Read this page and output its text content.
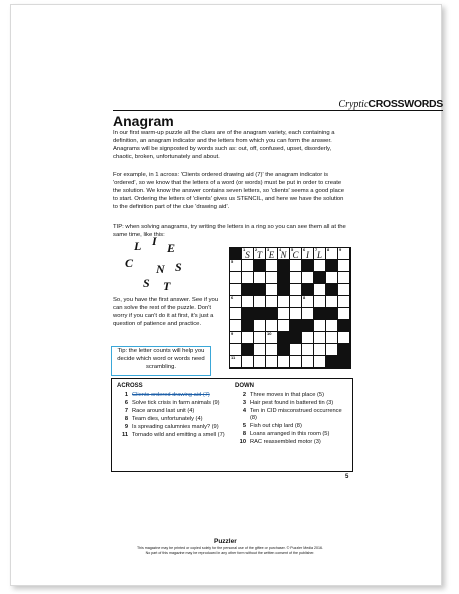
CrypticCROSSWORDS
Anagram

In our first warm-up puzzle all the clues are of the anagram variety, each containing a definition, an anagram indicator and the letters from which you can form the answer. Anagrams will be signposted by words such as: out, off, confused, upset, disorderly, chaotic, broken, unfortunately and about.

For example, in 1 across: 'Clients ordered drawing aid (7)' the anagram indicator is 'ordered', so we know that the letters of a word (or words) must be put in order to create the solution. We know the answer contains seven letters, so 'clients' seems a good place to start. Ordering the letters of 'clients' gives us STENCIL, and here we have the solution to the definition part of the clue 'drawing aid'.

TIP: when solving anagrams, try writing the letters in a ring so you can see them all at the same time, like this:

L I E
C N S
S T

So, you have the first answer. See if you can solve the rest of the puzzle. Don't worry if you can't do it at first, it's just a question of patience and practice.

Tip: the letter counts will help you decide which word or words need scrambling.
1
S
2
T
3
E
4
N
5
C
6
I
7
L
8 9
5
6	8
9	10
11
ACROSS
1 Clients ordered drawing aid (7)
6 Solve tick crisis in farm animals (9)
7 Race around last unit (4)
8 Team dies, unfortunately (4)
9 Is spreading calumnies manly? (9)
11 Tornado wild and emitting a smell (7)
DOWN
2 Three moves in that place (5)
3 Hair pest found in battered tin (3)
4 Ten in CID misconstrued occurrence (8)
5 Fish out chip lard (8)
8 Loans arranged in this room (5)
10 RAC reassembled motor (3)
5
Puzzler
This magazine may be printed or copied solely for the personal use of the giftee or purchaser. © Puzzler Media 2016.
No part of this magazine may be reproduced in any other form without the written consent of the publisher.
